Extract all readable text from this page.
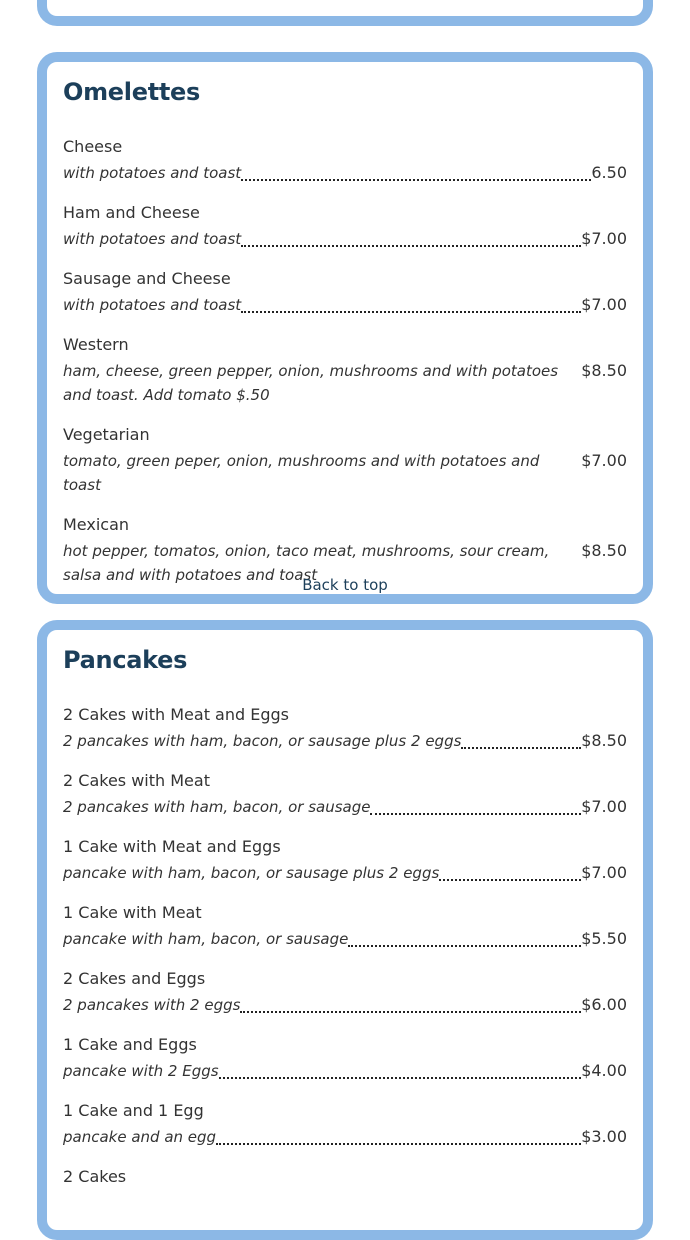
Omelettes
Cheese
with potatoes and toast	6.50
Ham and Cheese
with potatoes and toast	$7.00
Sausage and Cheese
with potatoes and toast	$7.00
Western
ham, cheese, green pepper, onion, mushrooms and with potatoes and toast. Add tomato $.50
$8.50
Vegetarian
tomato, green peper, onion, mushrooms and with potatoes and toast
$7.00
Mexican
hot pepper, tomatos, onion, taco meat, mushrooms, sour cream, salsa and with potatoes and toast
$8.50
Back to top
Pancakes
2 Cakes with Meat and Eggs
2 pancakes with ham, bacon, or sausage plus 2 eggs	$8.50
2 Cakes with Meat
2 pancakes with ham, bacon, or sausage	$7.00
1 Cake with Meat and Eggs
pancake with ham, bacon, or sausage plus 2 eggs	$7.00
1 Cake with Meat
pancake with ham, bacon, or sausage	$5.50
2 Cakes and Eggs
2 pancakes with 2 eggs	$6.00
1 Cake and Eggs
pancake with 2 Eggs	$4.00
1 Cake and 1 Egg
pancake and an egg	$3.00
2 Cakes
